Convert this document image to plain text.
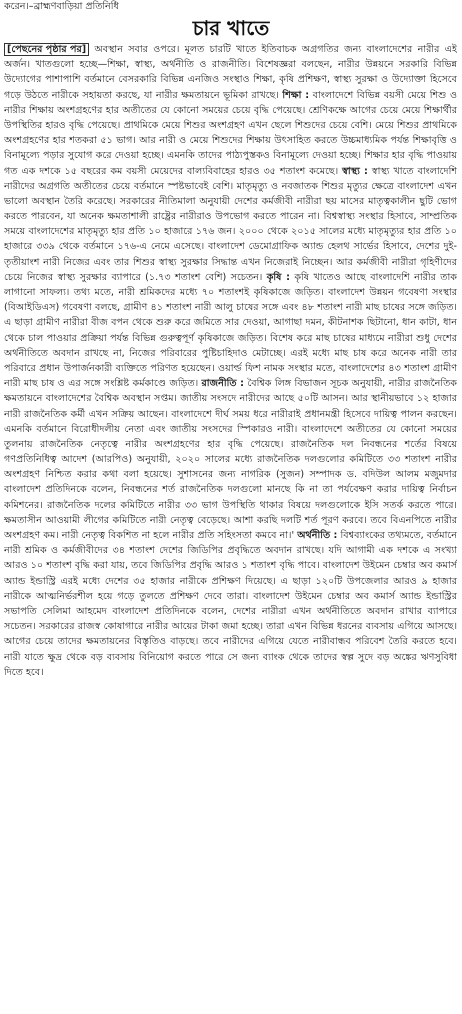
করেন।–ব্রাহ্মণবাড়িয়া প্রতিনিধি
চার খাতে
[পেছনের পৃষ্ঠার পর] অবস্থান সবার ওপরে। মূলত চারটি খাতে ইতিবাচক অগ্রগতির জন্য বাংলাদেশের নারীর এই অর্জন। খাতগুলো হচ্ছে—শিক্ষা, স্বাস্থ্য, অর্থনীতি ও রাজনীতি। বিশেষজ্ঞরা বলছেন, নারীর উন্নয়নে সরকারি বিভিন্ন উদ্যোগের পাশাপাশি বর্তমানে বেসরকারি বিভিন্ন এনজিও সংস্থাও শিক্ষা, কৃষি প্রশিক্ষণ, স্বাস্থ্য সুরক্ষা ও উদ্যোক্তা হিসেবে গড়ে উঠতে নারীকে সহায়তা করছে, যা নারীর ক্ষমতায়নে ভূমিকা রাখছে। শিক্ষা : বাংলাদেশে বিভিন্ন বয়সী মেয়ে শিশু ও নারীর শিক্ষায় অংশগ্রহণের হার অতীতের যে কোনো সময়ের চেয়ে বৃদ্ধি পেয়েছে। শ্রেণিকক্ষে আগের চেয়ে মেয়ে শিক্ষার্থীর উপস্থিতির হারও বৃদ্ধি পেয়েছে। প্রাথমিকে মেয়ে শিশুর অংশগ্রহণ এখন ছেলে শিশুদের চেয়ে বেশি। মেয়ে শিশুর প্রাথমিকে অংশগ্রহণের হার শতকরা ৫১ ভাগ। আর নারী ও মেয়ে শিশুদের শিক্ষায় উৎসাহিত করতে উচ্চমাধ্যমিক পর্যন্ত শিক্ষাবৃত্তি ও বিনামূল্যে পড়ার সুযোগ করে দেওয়া হচ্ছে। এমনকি তাদের পাঠ্যপুস্তকও বিনামূল্যে দেওয়া হচ্ছে। শিক্ষার হার বৃদ্ধি পাওয়ায় গত এক দশকে ১৫ বছরের কম বয়সী মেয়েদের বাল্যবিবাহের হারও ৩৫ শতাংশ কমেছে। স্বাস্থ্য : স্বাস্থ্য খাতে বাংলাদেশি নারীদের অগ্রগতি অতীতের চেয়ে বর্তমানে স্পষ্টভাবেই বেশি। মাতৃমৃত্যু ও নবজাতক শিশুর মৃত্যুর ক্ষেত্রে বাংলাদেশ এখন ভালো অবস্থান তৈরি করেছে। সরকারের নীতিমালা অনুযায়ী দেশের কর্মজীবী নারীরা ছয় মাসের মাতৃত্বকালীন ছুটি ভোগ করতে পারবেন, যা অনেক ক্ষমতাশালী রাষ্ট্রের নারীরাও উপভোগ করতে পারেন না। বিশ্বস্বাস্থ্য সংস্থার হিসাবে, সাম্প্রতিক সময়ে বাংলাদেশের মাতৃমৃত্যু হার প্রতি ১০ হাজারে ১৭৬ জন। ২০০০ থেকে ২০১৫ সালের মধ্যে মাতৃমৃত্যুর হার প্রতি ১০ হাজারে ৩৩৯ থেকে বর্তমানে ১৭৬-এ নেমে এসেছে। বাংলাদেশ ডেমোগ্রাফিক অ্যান্ড হেলথ সার্ভের হিসাবে, দেশের দুই-তৃতীয়াংশ নারী নিজের এবং তার শিশুর স্বাস্থ্য সুরক্ষার সিদ্ধান্ত এখন নিজেরাই নিচ্ছেন। আর কর্মজীবী নারীরা গৃহিণীদের চেয়ে নিজের স্বাস্থ্য সুরক্ষার ব্যাপারে (১.৭৩ শতাংশ বেশি) সচেতন। কৃষি : কৃষি খাতেও আছে বাংলাদেশি নারীর তাক লাগানো সাফল্য। তথ্য মতে, নারী শ্রমিকদের মধ্যে ৭০ শতাংশই কৃষিকাজে জড়িত। বাংলাদেশ উন্নয়ন গবেষণা সংস্থার (বিআইডিএস) গবেষণা বলছে, গ্রামীণ ৪১ শতাংশ নারী আলু চাষের সঙ্গে এবং ৪৮ শতাংশ নারী মাছ চাষের সঙ্গে জড়িত। এ ছাড়া গ্রামীণ নারীরা বীজ বপন থেকে শুরু করে জমিতে সার দেওয়া, আগাছা দমন, কীটনাশক ছিটানো, ধান কাটা, ধান থেকে চাল পাওয়ার প্রক্রিয়া পর্যন্ত বিভিন্ন গুরুত্বপূর্ণ কৃষিকাজে জড়িত। বিশেষ করে মাছ চাষের মাধ্যমে নারীরা শুধু দেশের অর্থনীতিতে অবদান রাখছে না, নিজের পরিবারের পুষ্টিচাহিদাও মেটাচ্ছে। এরই মধ্যে মাছ চাষ করে অনেক নারী তার পরিবারে প্রধান উপার্জনকারী ব্যক্তিতে পরিণত হয়েছেন। ওয়ার্ল্ড ফিশ নামক সংস্থার মতে, বাংলাদেশের ৪৩ শতাংশ গ্রামীণ নারী মাছ চাষ ও এর সঙ্গে সংশ্লিষ্ট কর্মকাণ্ডে জড়িত। রাজনীতি : বৈশ্বিক লিঙ্গ বিভাজন সূচক অনুযায়ী, নারীর রাজনৈতিক ক্ষমতায়নে বাংলাদেশের বৈশ্বিক অবস্থান সপ্তম। জাতীয় সংসদে নারীদের আছে ৫০টি আসন। আর স্থানীয়ভাবে ১২ হাজার নারী রাজনৈতিক কর্মী এখন সক্রিয় আছেন। বাংলাদেশে দীর্ঘ সময় ধরে নারীরাই প্রধানমন্ত্রী হিসেবে দায়িত্ব পালন করছেন। এমনকি বর্তমানে বিরোধীদলীয় নেতা এবং জাতীয় সংসদের স্পিকারও নারী। বাংলাদেশে অতীতের যে কোনো সময়ের তুলনায় রাজনৈতিক নেতৃত্বে নারীর অংশগ্রহণের হার বৃদ্ধি পেয়েছে। রাজনৈতিক দল নিবন্ধনের শর্তের বিষয়ে গণপ্রতিনিধিত্ব আদেশ (আরপিও) অনুযায়ী, ২০২০ সালের মধ্যে রাজনৈতিক দলগুলোর কমিটিতে ৩৩ শতাংশ নারীর অংশগ্রহণ নিশ্চিত করার কথা বলা হয়েছে। সুশাসনের জন্য নাগরিক (সুজন) সম্পাদক ড. বদিউল আলম মজুমদার বাংলাদেশ প্রতিদিনকে বলেন, নিবন্ধনের শর্ত রাজনৈতিক দলগুলো মানছে কি না তা পর্যবেক্ষণ করার দায়িত্ব নির্বাচন কমিশনের। রাজনৈতিক দলের কমিটিতে নারীর ৩৩ ভাগ উপস্থিতি থাকার বিষয়ে দলগুলোকে ইসি সতর্ক করতে পারে। ক্ষমতাসীন আওয়ামী লীগের কমিটিতে নারী নেতৃত্ব বেড়েছে। আশা করছি দলটি শর্ত পূরণ করবে। তবে বিএনপিতে নারীর অংশগ্রহণ কম। নারী নেতৃত্ব বিকশিত না হলে নারীর প্রতি সহিংসতা কমবে না।' অর্থনীতি : বিশ্বব্যাংকের তথ্যমতে, বর্তমানে নারী শ্রমিক ও কর্মজীবীদের ৩৪ শতাংশ দেশের জিডিপির প্রবৃদ্ধিতে অবদান রাখছে। যদি আগামী এক দশকে এ সংখ্যা আরও ১০ শতাংশ বৃদ্ধি করা যায়, তবে জিডিপির প্রবৃদ্ধি আরও ১ শতাংশ বৃদ্ধি পাবে। বাংলাদেশ উইমেন চেম্বার অব কমার্স অ্যান্ড ইন্ডাস্ট্রি এরই মধ্যে দেশের ৩৫ হাজার নারীকে প্রশিক্ষণ দিয়েছে। এ ছাড়া ১২০টি উপজেলার আরও ৯ হাজার নারীকে আত্মনির্ভরশীল হয়ে গড়ে তুলতে প্রশিক্ষণ দেবে তারা। বাংলাদেশ উইমেন চেম্বার অব কমার্স অ্যান্ড ইন্ডাস্ট্রির সভাপতি সেলিমা আহমেদ বাংলাদেশ প্রতিদিনকে বলেন, দেশের নারীরা এখন অর্থনীতিতে অবদান রাখার ব্যাপারে সচেতন। সরকারের রাজস্ব কোষাগারে নারীর আয়ের টাকা জমা হচ্ছে। তারা এখন বিভিন্ন ধরনের ব্যবসায় এগিয়ে আসছে। আগের চেয়ে তাদের ক্ষমতায়নের বিস্তৃতিও বাড়ছে। তবে নারীদের এগিয়ে যেতে নারীবান্ধব পরিবেশ তৈরি করতে হবে। নারী যাতে ক্ষুদ্র থেকে বড় ব্যবসায় বিনিয়োগ করতে পারে সে জন্য ব্যাংক থেকে তাদের স্বল্প সুদে বড় অঙ্কের ঋণসুবিধা দিতে হবে।
